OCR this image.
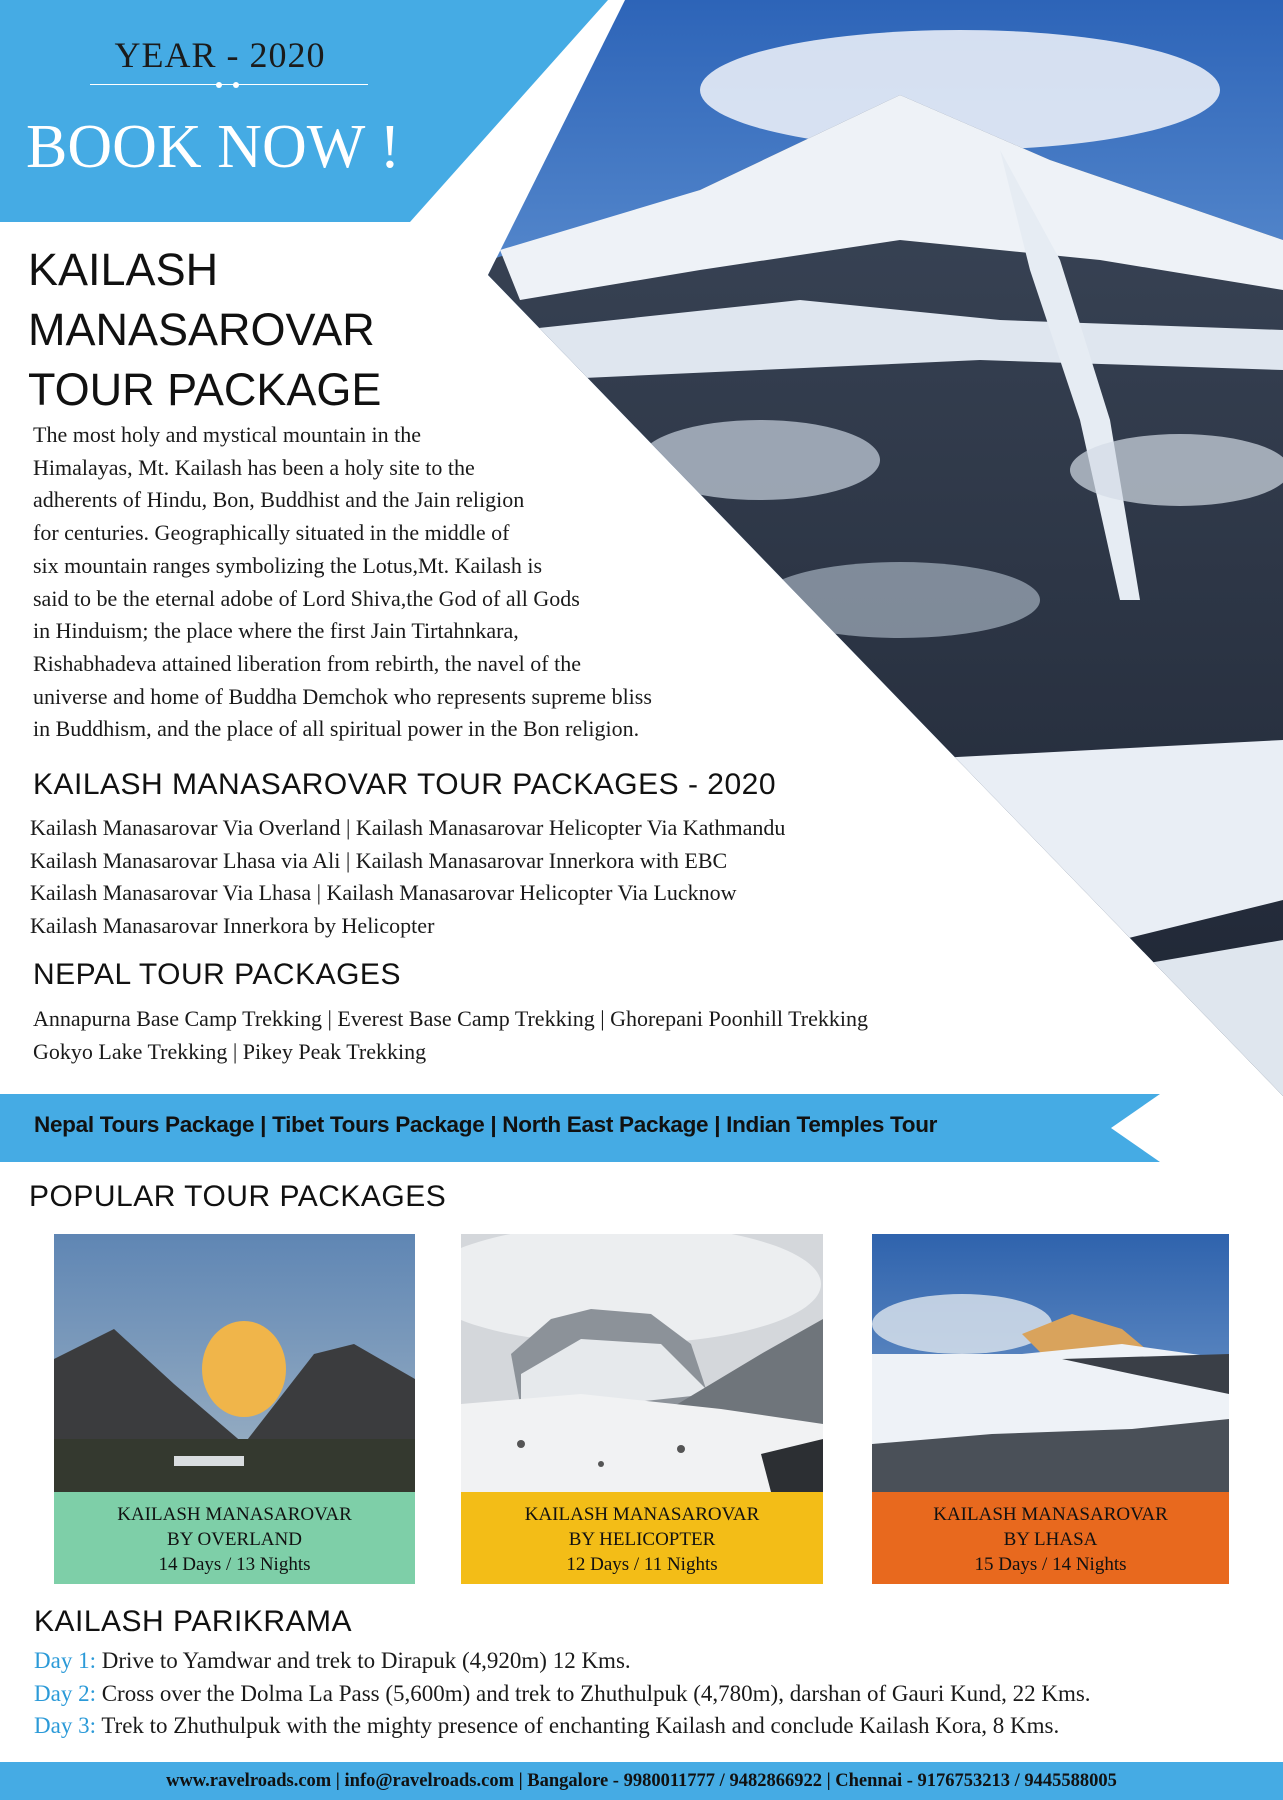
YEAR - 2020
BOOK NOW !
KAILASH
MANASAROVAR
TOUR PACKAGE
The most holy and mystical mountain in the
Himalayas, Mt. Kailash has been a holy site to the
adherents of Hindu, Bon, Buddhist and the Jain religion
for centuries. Geographically situated in the middle of
six mountain ranges symbolizing the Lotus,Mt. Kailash is
said to be the eternal adobe of Lord Shiva,the God of all Gods
in Hinduism; the place where the first Jain Tirtahnkara,
Rishabhadeva attained liberation from rebirth, the navel of the
universe and home of Buddha Demchok who represents supreme bliss
in Buddhism, and the place of all spiritual power in the Bon religion.
KAILASH MANASAROVAR TOUR PACKAGES - 2020
Kailash Manasarovar Via Overland | Kailash Manasarovar Helicopter Via Kathmandu
Kailash Manasarovar Lhasa via Ali | Kailash Manasarovar Innerkora with EBC
Kailash Manasarovar Via Lhasa | Kailash Manasarovar Helicopter Via Lucknow
Kailash Manasarovar Innerkora by Helicopter
NEPAL TOUR PACKAGES
Annapurna Base Camp Trekking | Everest Base Camp Trekking | Ghorepani Poonhill Trekking
Gokyo Lake Trekking | Pikey Peak Trekking
Nepal Tours Package | Tibet Tours Package | North East Package | Indian Temples Tour
POPULAR TOUR PACKAGES
KAILASH MANASAROVAR
BY OVERLAND
14 Days / 13 Nights
KAILASH MANASAROVAR
BY HELICOPTER
12 Days / 11 Nights
KAILASH MANASAROVAR
BY LHASA
15 Days / 14 Nights
KAILASH PARIKRAMA
Day 1: Drive to Yamdwar and trek to Dirapuk (4,920m) 12 Kms.
Day 2: Cross over the Dolma La Pass (5,600m) and trek to Zhuthulpuk (4,780m), darshan of Gauri Kund, 22 Kms.
Day 3: Trek to Zhuthulpuk with the mighty presence of enchanting Kailash and conclude Kailash Kora, 8 Kms.
www.ravelroads.com | info@ravelroads.com | Bangalore - 9980011777 / 9482866922 | Chennai - 9176753213 / 9445588005
